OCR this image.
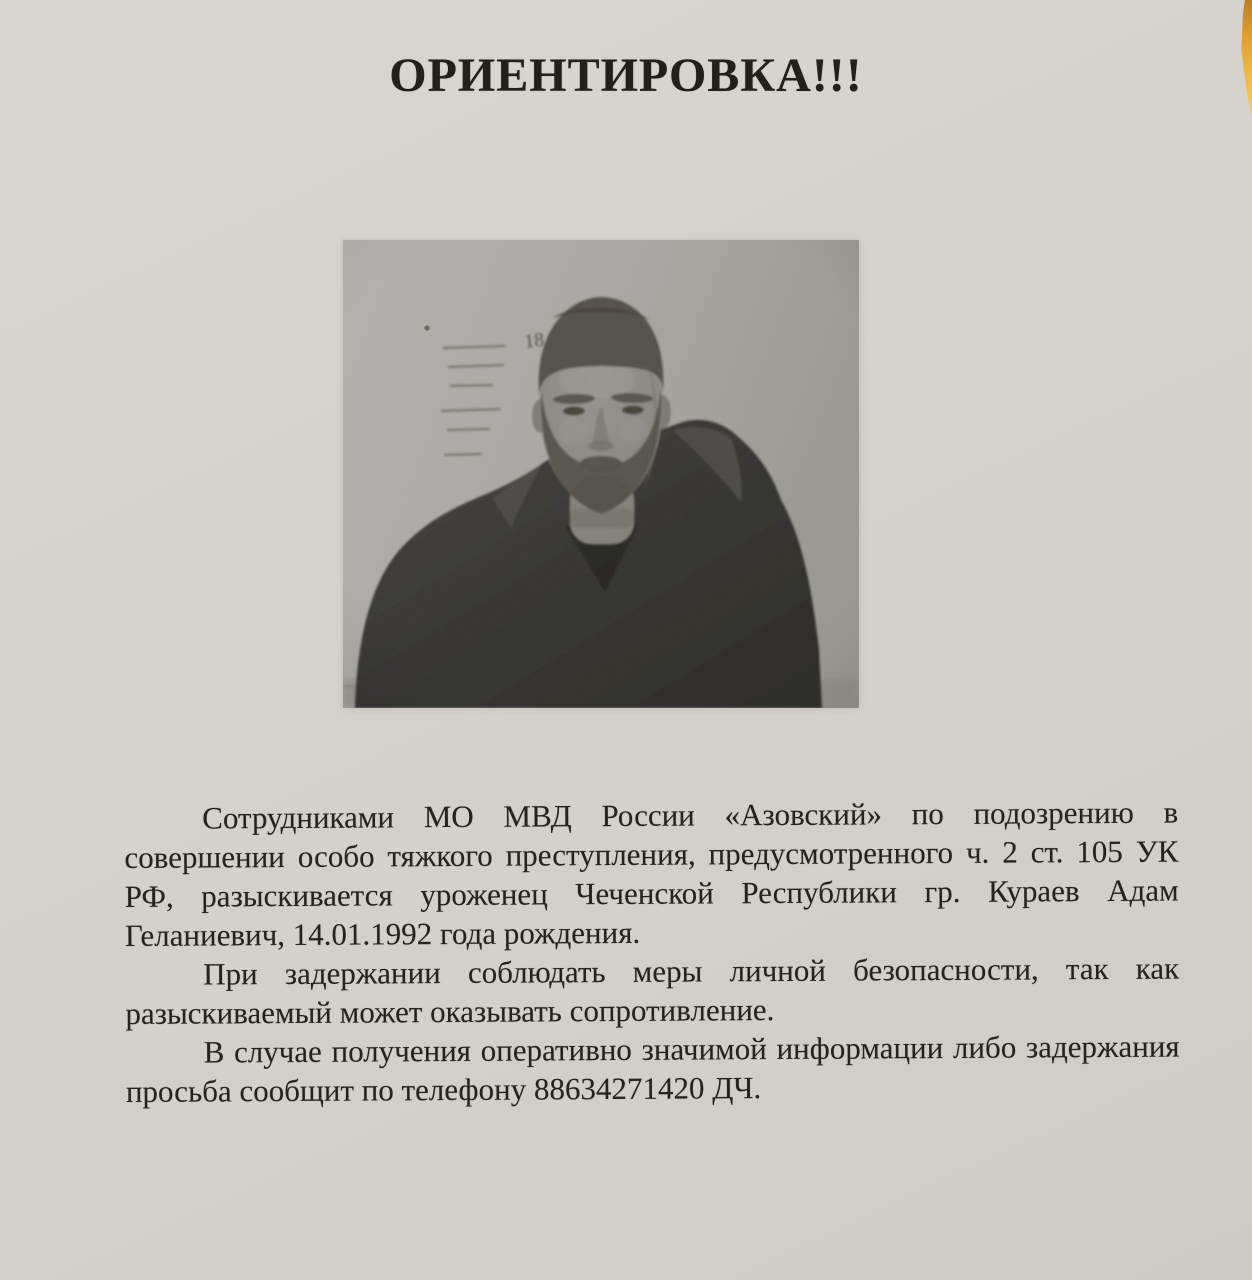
ОРИЕНТИРОВКА!!!

Сотрудниками МО МВД России «Азовский» по подозрению в совершении особо тяжкого преступления, предусмотренного ч. 2 ст. 105 УК РФ, разыскивается уроженец Чеченской Республики гр. Кураев Адам Геланиевич, 14.01.1992 года рождения.

При задержании соблюдать меры личной безопасности, так как разыскиваемый может оказывать сопротивление.

В случае получения оперативно значимой информации либо задержания просьба сообщит по телефону 88634271420 ДЧ.
